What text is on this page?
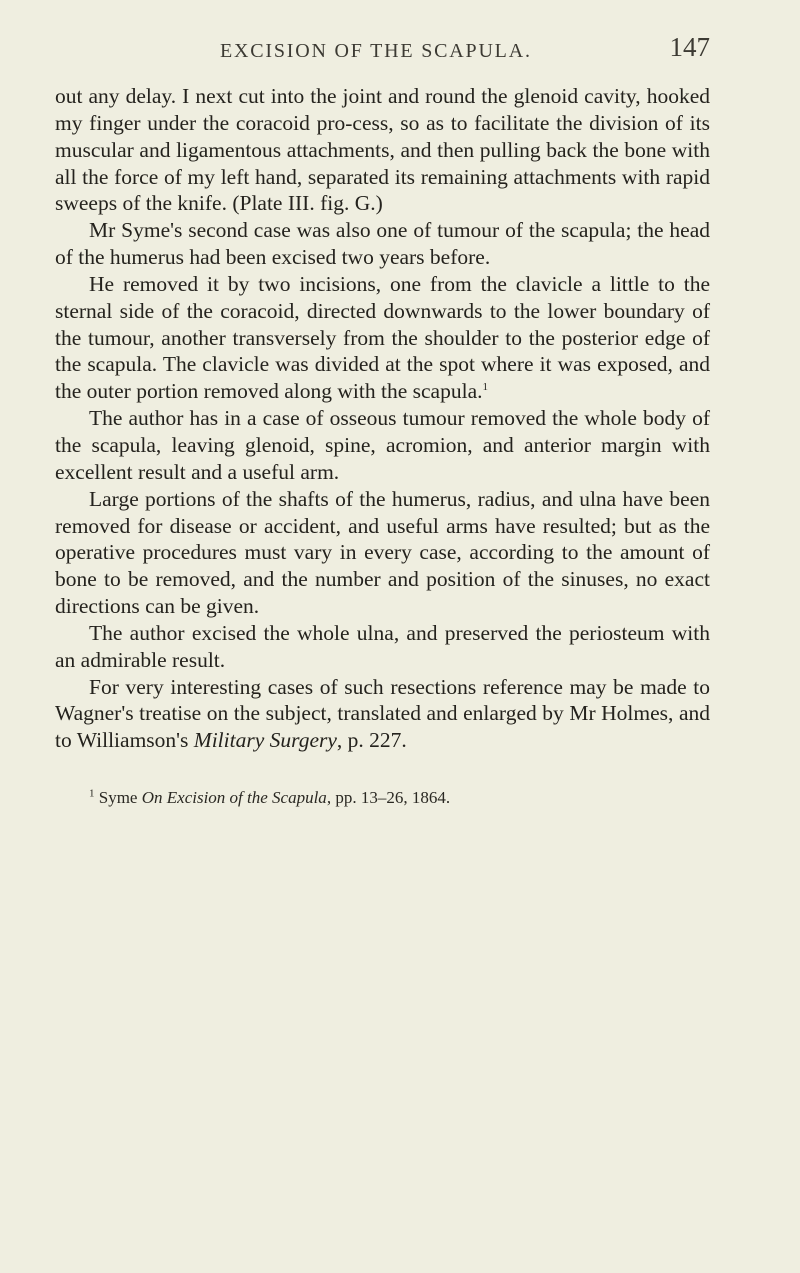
EXCISION OF THE SCAPULA.	147

out any delay. I next cut into the joint and round the glenoid cavity, hooked my finger under the coracoid pro-cess, so as to facilitate the division of its muscular and ligamentous attachments, and then pulling back the bone with all the force of my left hand, separated its remaining attachments with rapid sweeps of the knife. (Plate III. fig. G.)

Mr Syme's second case was also one of tumour of the scapula; the head of the humerus had been excised two years before.

He removed it by two incisions, one from the clavicle a little to the sternal side of the coracoid, directed downwards to the lower boundary of the tumour, another transversely from the shoulder to the posterior edge of the scapula. The clavicle was divided at the spot where it was exposed, and the outer portion removed along with the scapula.$^1$

The author has in a case of osseous tumour removed the whole body of the scapula, leaving glenoid, spine, acromion, and anterior margin with excellent result and a useful arm.

Large portions of the shafts of the humerus, radius, and ulna have been removed for disease or accident, and useful arms have resulted; but as the operative procedures must vary in every case, according to the amount of bone to be removed, and the number and position of the sinuses, no exact directions can be given.

The author excised the whole ulna, and preserved the periosteum with an admirable result.

For very interesting cases of such resections reference may be made to Wagner's treatise on the subject, translated and enlarged by Mr Holmes, and to Williamson's Military Surgery, p. 227.

$^1$ Syme On Excision of the Scapula, pp. 13–26, 1864.
